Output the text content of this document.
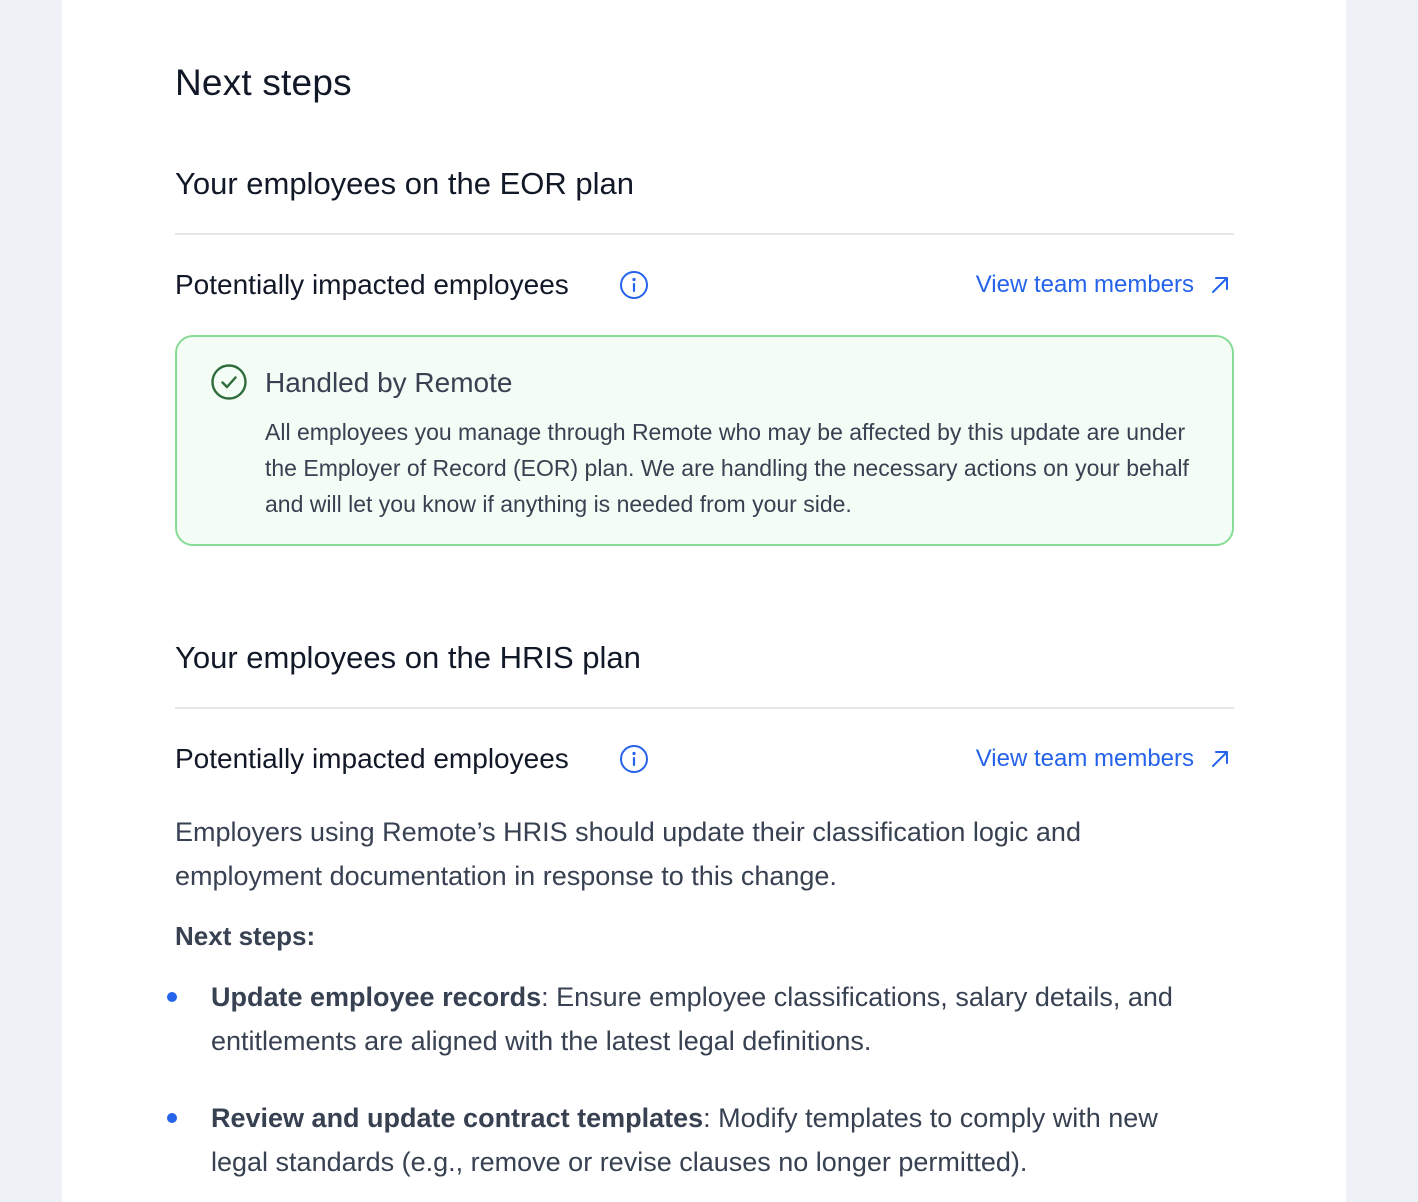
Next steps
Your employees on the EOR plan
Potentially impacted employees	View team members
Handled by Remote
All employees you manage through Remote who may be affected by this update are under the Employer of Record (EOR) plan. We are handling the necessary actions on your behalf and will let you know if anything is needed from your side.
Your employees on the HRIS plan
Potentially impacted employees	View team members
Employers using Remote’s HRIS should update their classification logic and employment documentation in response to this change.
Next steps:
Update employee records: Ensure employee classifications, salary details, and entitlements are aligned with the latest legal definitions.
Review and update contract templates: Modify templates to comply with new legal standards (e.g., remove or revise clauses no longer permitted).
